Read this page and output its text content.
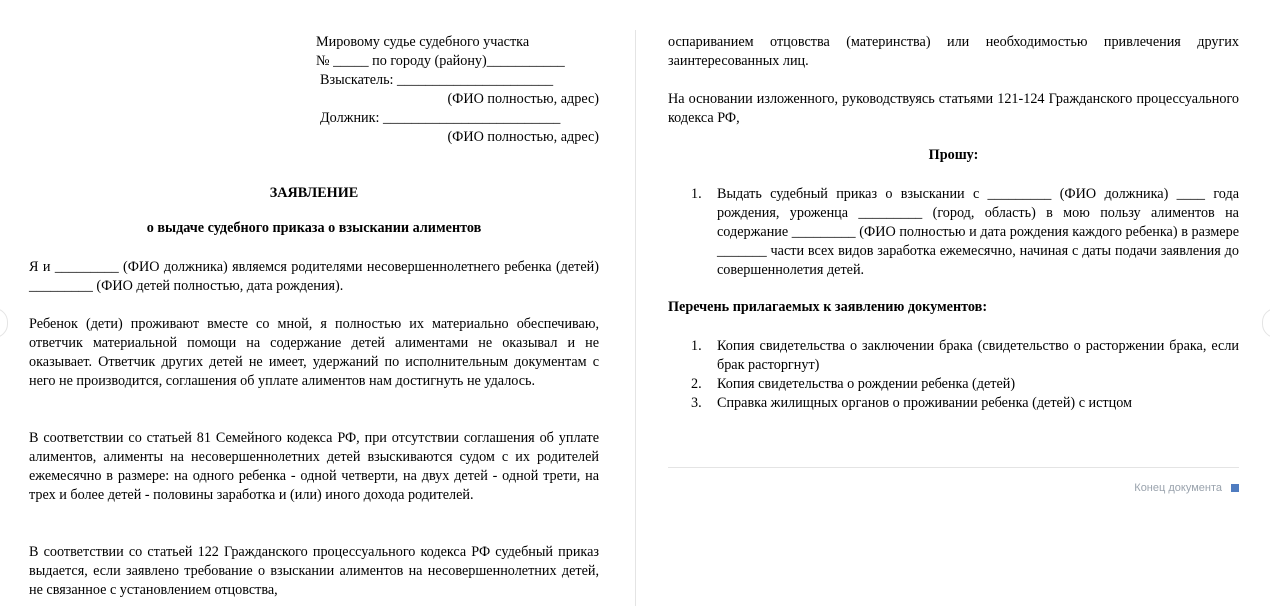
Мировому судье судебного участка
№ _____ по городу (району)___________
Взыскатель: ______________________
(ФИО полностью, адрес)
Должник: _________________________
(ФИО полностью, адрес)
ЗАЯВЛЕНИЕ
о выдаче судебного приказа о взыскании алиментов

Я и _________ (ФИО должника) являемся родителями несовершеннолетнего ребенка (детей) _________ (ФИО детей полностью, дата рождения).

Ребенок (дети) проживают вместе со мной, я полностью их материально обеспечиваю, ответчик материальной помощи на содержание детей алиментами не оказывал и не оказывает. Ответчик других детей не имеет, удержаний по исполнительным документам с него не производится, соглашения об уплате алиментов нам достигнуть не удалось.

В соответствии со статьей 81 Семейного кодекса РФ, при отсутствии соглашения об уплате алиментов, алименты на несовершеннолетних детей взыскиваются судом с их родителей ежемесячно в размере: на одного ребенка - одной четверти, на двух детей - одной трети, на трех и более детей - половины заработка и (или) иного дохода родителей.

В соответствии со статьей 122 Гражданского процессуального кодекса РФ судебный приказ выдается, если заявлено требование о взыскании алиментов на несовершеннолетних детей, не связанное с установлением отцовства,

оспариванием отцовства (материнства) или необходимостью привлечения других заинтересованных лиц.

На основании изложенного, руководствуясь статьями 121-124 Гражданского процессуального кодекса РФ,

Прошу:
1. Выдать судебный приказ о взыскании с _________ (ФИО должника) ____ года рождения, уроженца _________ (город, область) в мою пользу алиментов на содержание _________ (ФИО полностью и дата рождения каждого ребенка) в размере _______ части всех видов заработка ежемесячно, начиная с даты подачи заявления до совершеннолетия детей.
Перечень прилагаемых к заявлению документов:
1. Копия свидетельства о заключении брака (свидетельство о расторжении брака, если брак расторгнут)
2. Копия свидетельства о рождении ребенка (детей)
3. Справка жилищных органов о проживании ребенка (детей) с истцом
Конец документа
